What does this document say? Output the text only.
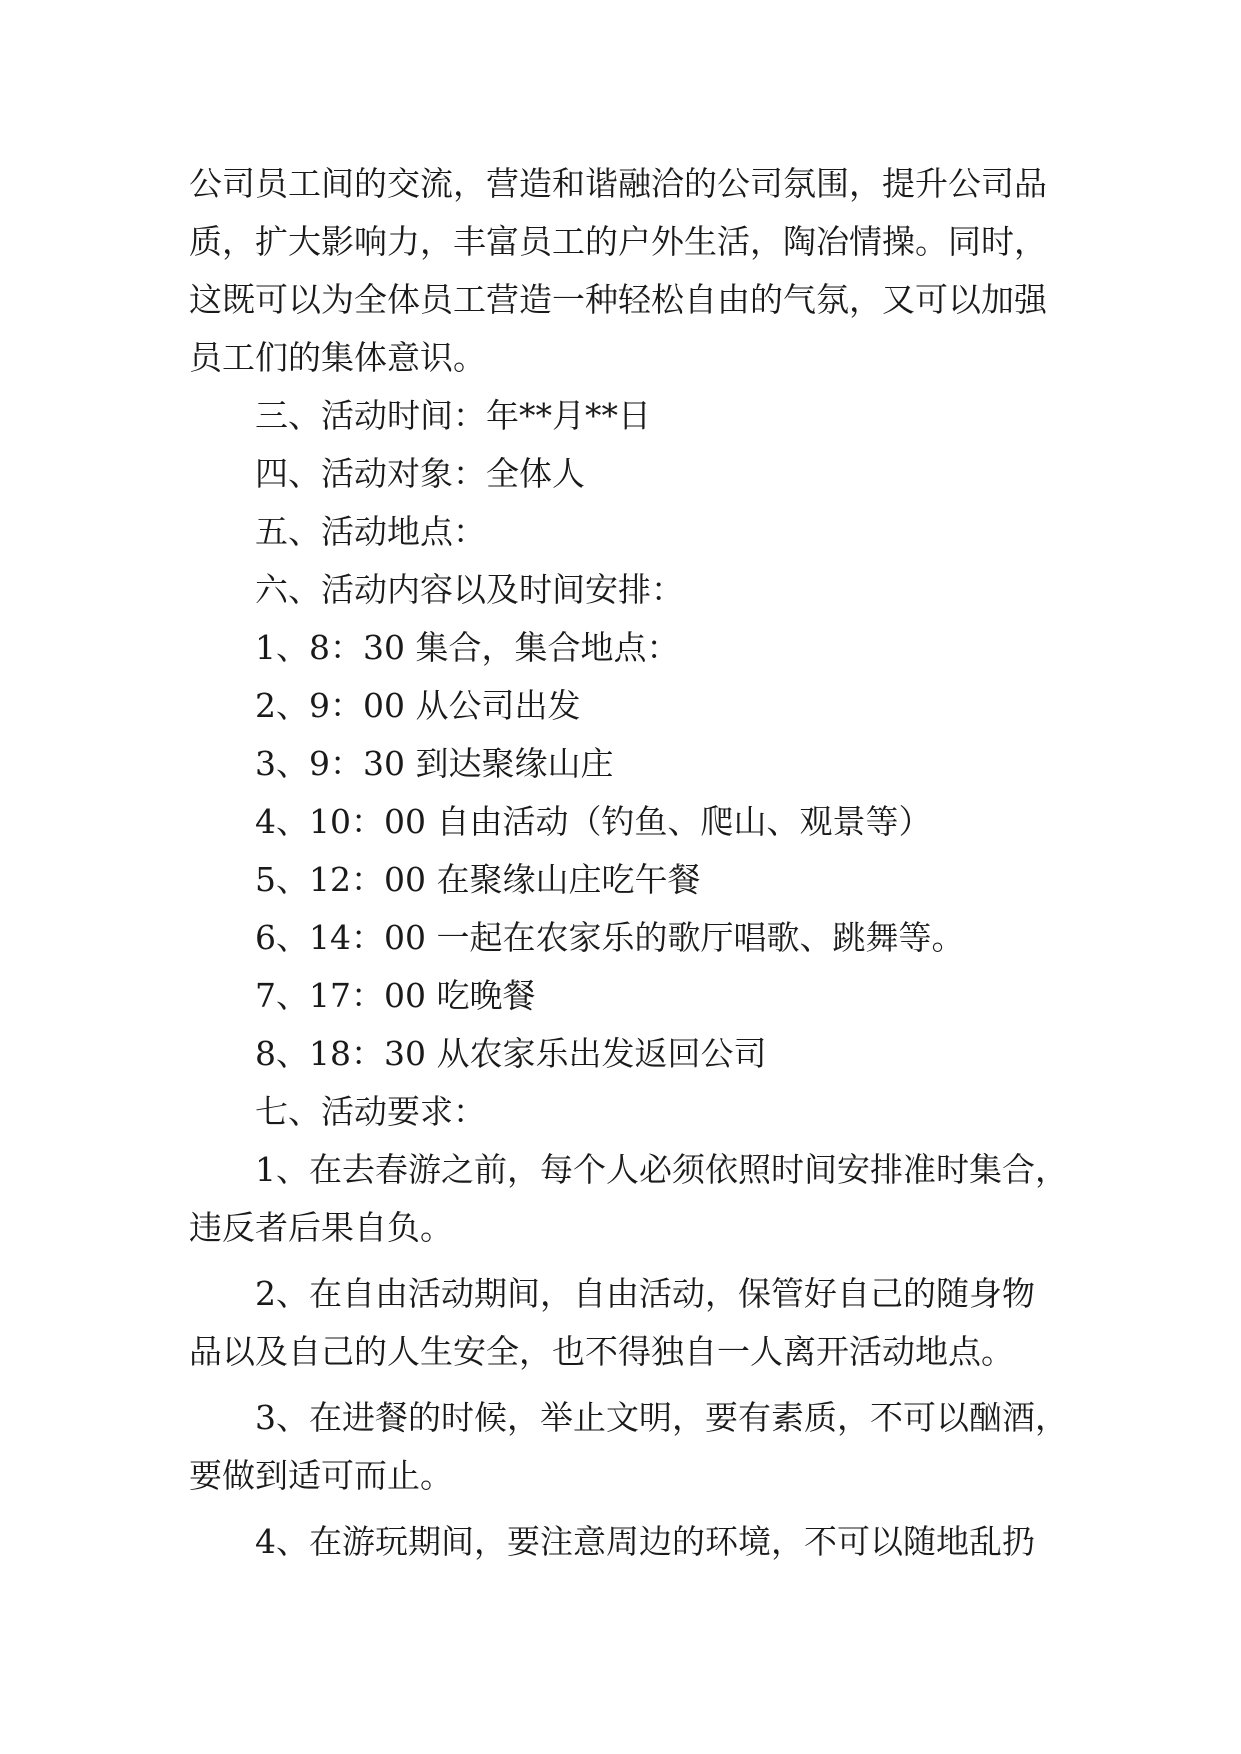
公司员工间的交流，营造和谐融洽的公司氛围，提升公司品
质，扩大影响力，丰富员工的户外生活，陶冶情操。同时，
这既可以为全体员工营造一种轻松自由的气氛，又可以加强
员工们的集体意识。
三、活动时间：年**月**日
四、活动对象：全体人
五、活动地点：
六、活动内容以及时间安排：
1、8：30 集合，集合地点：
2、9：00 从公司出发
3、9：30 到达聚缘山庄
4、10：00 自由活动（钓鱼、爬山、观景等）
5、12：00 在聚缘山庄吃午餐
6、14：00 一起在农家乐的歌厅唱歌、跳舞等。
7、17：00 吃晚餐
8、18：30 从农家乐出发返回公司
七、活动要求：
1、在去春游之前，每个人必须依照时间安排准时集合，
违反者后果自负。
2、在自由活动期间，自由活动，保管好自己的随身物
品以及自己的人生安全，也不得独自一人离开活动地点。
3、在进餐的时候，举止文明，要有素质，不可以酗酒，
要做到适可而止。
4、在游玩期间，要注意周边的环境，不可以随地乱扔
